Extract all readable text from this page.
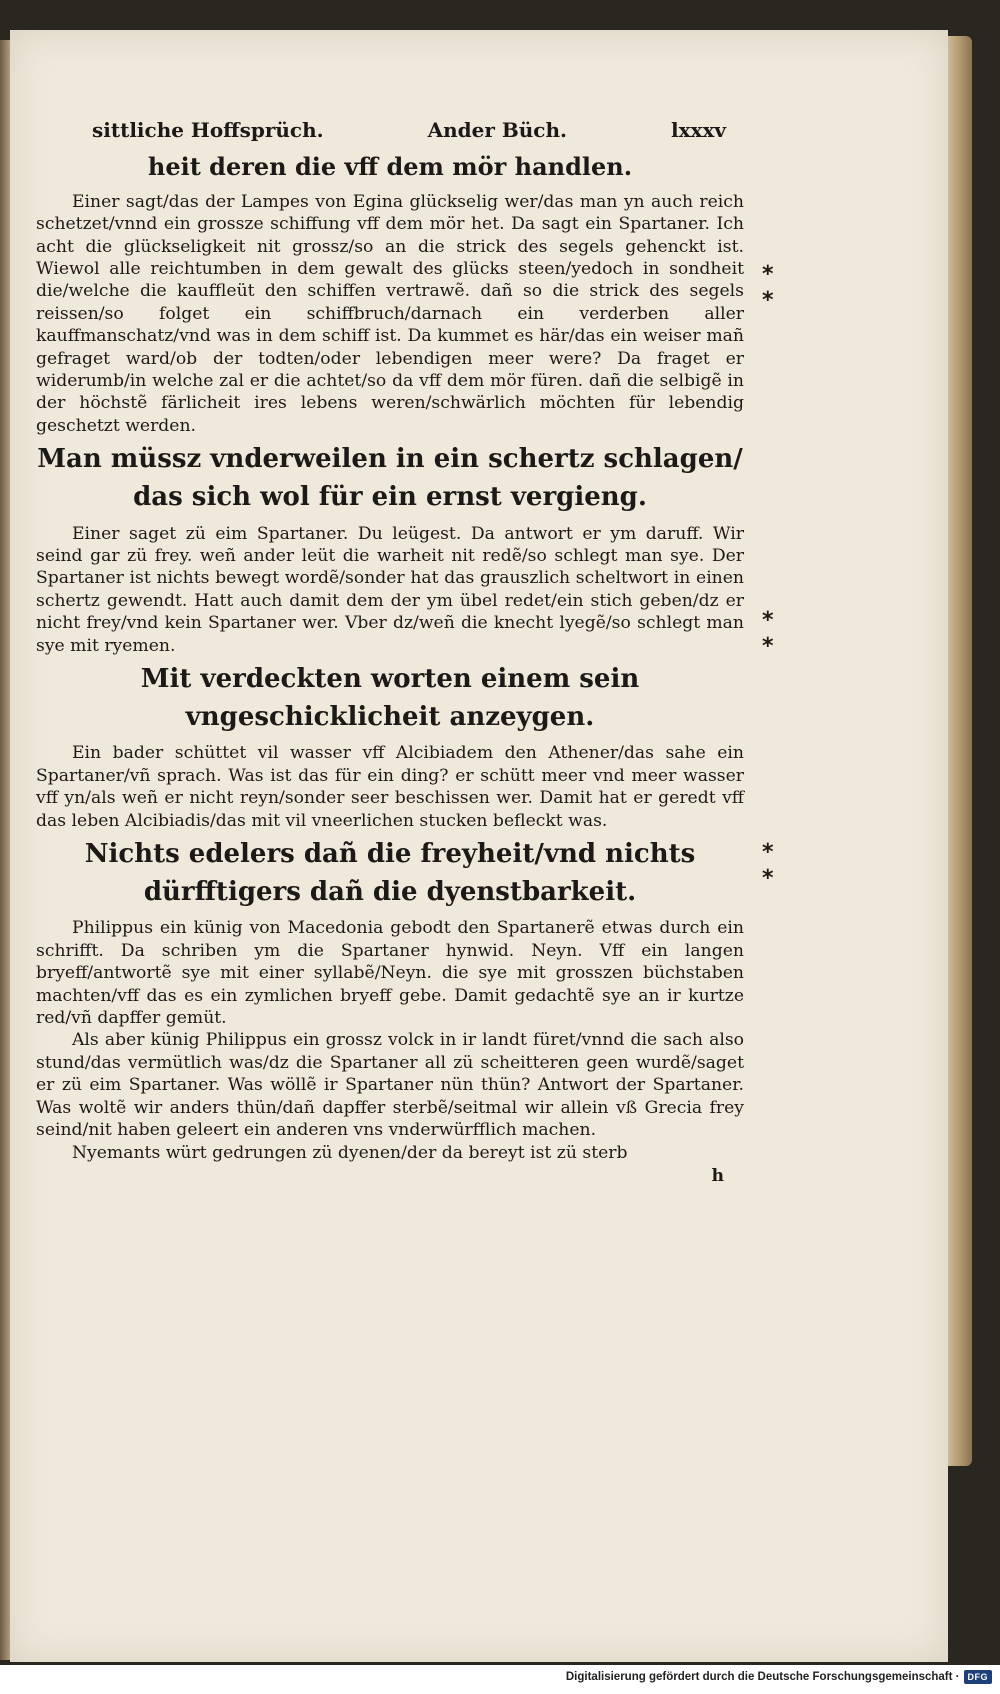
sittliche Hoffsprüch.	Ander Büch.	lxxxv
heit deren die vff dem mör handlen.

Einer sagt/das der Lampes von Egina glückselig wer/das man yn auch reich schetzet/vnnd ein grossze schiffung vff dem mör het. Da sagt ein Spartaner. Ich acht die glückseligkeit nit grossz/so an die strick des segels gehenckt ist. Wiewol alle reichtumben in dem gewalt des glücks steen/yedoch in sondheit die/welche die kauffleüt den schiffen vertrawẽ. dañ so die strick des segels reissen/so folget ein schiffbruch/darnach ein verderben aller kauffmanschatz/vnd was in dem schiff ist. Da kummet es här/das ein weiser mañ gefraget ward/ob der todten/oder lebendigen meer were? Da fraget er widerumb/in welche zal er die achtet/so da vff dem mör füren. dañ die selbigẽ in der höchstẽ färlicheit ires lebens weren/schwärlich möchten für lebendig geschetzt werden.

Man müssz vnderweilen in ein schertz schlagen/ das sich wol für ein ernst vergieng.

Einer saget zü eim Spartaner. Du leügest. Da antwort er ym daruff. Wir seind gar zü frey. weñ ander leüt die warheit nit redẽ/so schlegt man sye. Der Spartaner ist nichts bewegt wordẽ/sonder hat das grauszlich scheltwort in einen schertz gewendt. Hatt auch damit dem der ym übel redet/ein stich geben/dz er nicht frey/vnd kein Spartaner wer. Vber dz/weñ die knecht lyegẽ/so schlegt man sye mit ryemen.

Mit verdeckten worten einem sein vngeschicklicheit anzeygen.

Ein bader schüttet vil wasser vff Alcibiadem den Athener/das sahe ein Spartaner/vñ sprach. Was ist das für ein ding? er schütt meer vnd meer wasser vff yn/als weñ er nicht reyn/sonder seer beschissen wer. Damit hat er geredt vff das leben Alcibiadis/das mit vil vneerlichen stucken befleckt was.

Nichts edelers dañ die freyheit/vnd nichts dürfftigers dañ die dyenstbarkeit.

Philippus ein künig von Macedonia gebodt den Spartanerẽ etwas durch ein schrifft. Da schriben ym die Spartaner hynwid. Neyn. Vff ein langen bryeff/antwortẽ sye mit einer syllabẽ/Neyn. die sye mit grosszen büchstaben machten/vff das es ein zymlichen bryeff gebe. Damit gedachtẽ sye an ir kurtze red/vñ dapffer gemüt.

Als aber künig Philippus ein grossz volck in ir landt füret/vnnd die sach also stund/das vermütlich was/dz die Spartaner all zü scheitteren geen wurdẽ/saget er zü eim Spartaner. Was wöllẽ ir Spartaner nün thün? Antwort der Spartaner. Was woltẽ wir anders thün/dañ dapffer sterbẽ/seitmal wir allein vß Grecia frey seind/nit haben geleert ein anderen vns vnderwürfflich machen.

Nyemants würt gedrungen zü dyenen/der da bereyt ist zü sterb

h
*
*
*
*
*
*
Digitalisierung gefördert durch die Deutsche Forschungsgemeinschaft · DFG
